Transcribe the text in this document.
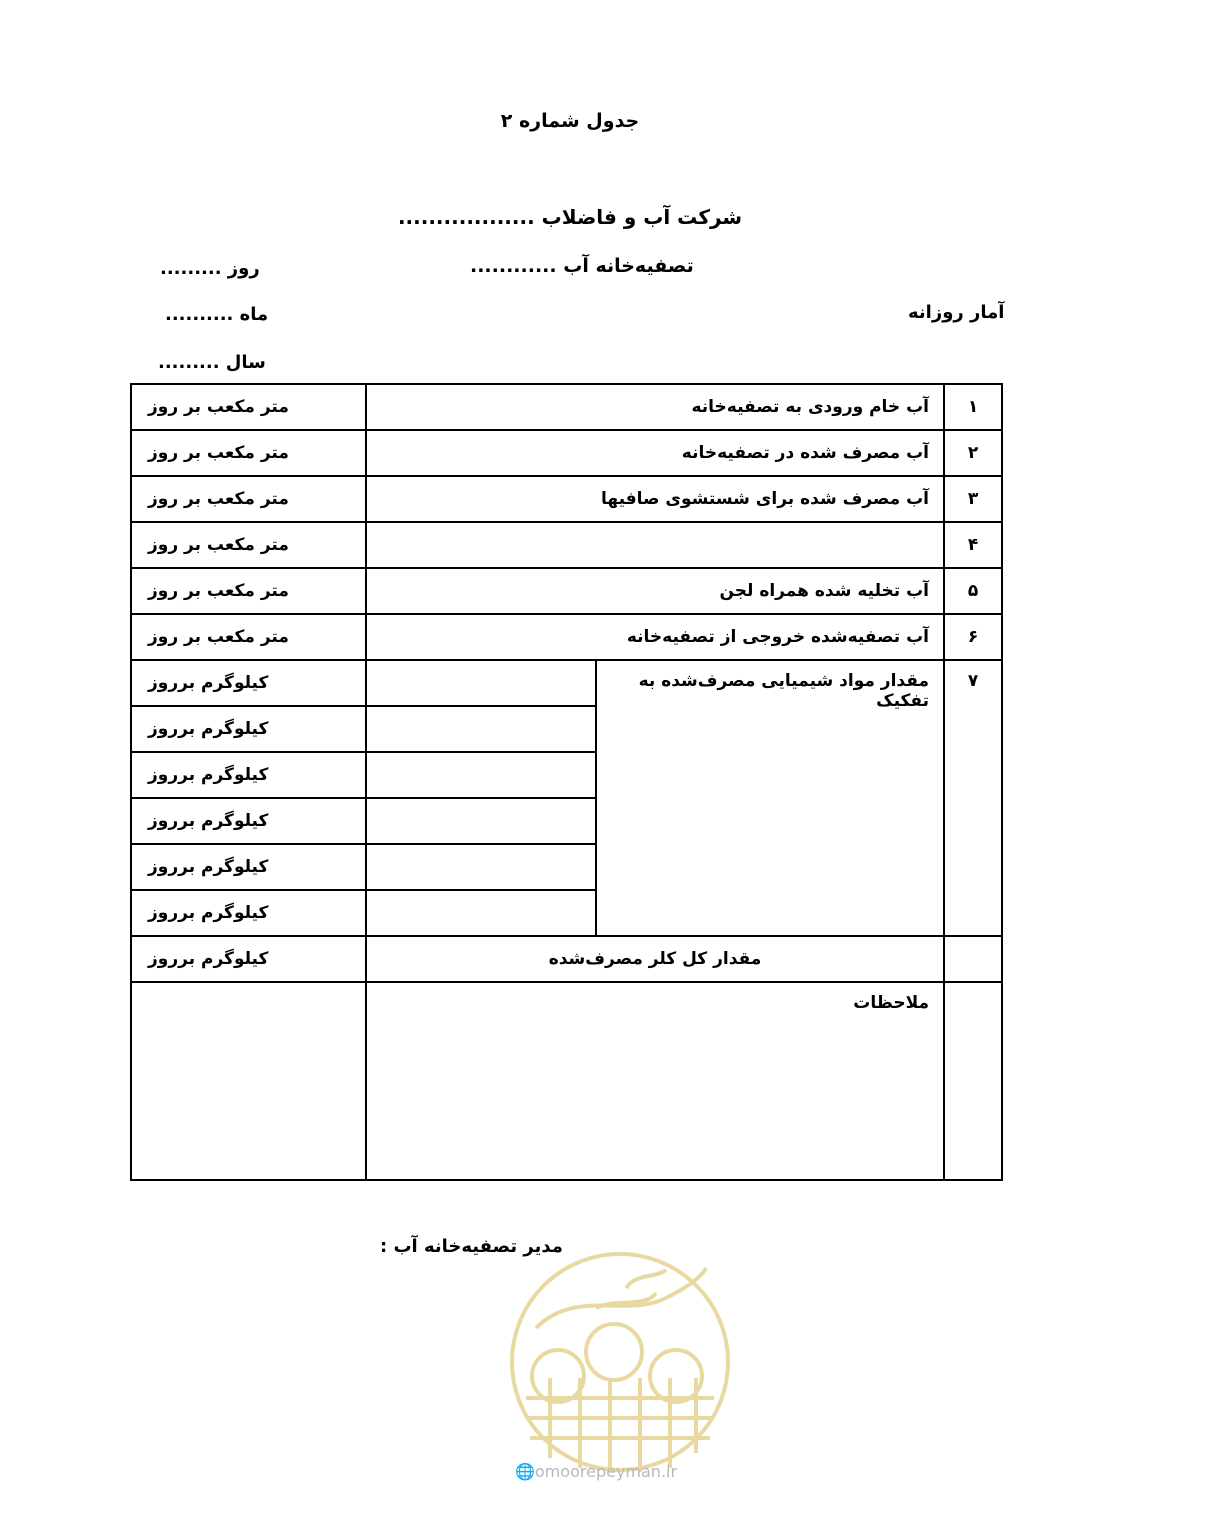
جدول شماره ۲
شرکت آب و فاضلاب ..................
تصفیه‌خانه آب ............
روز .........
ماه ..........
سال .........
آمار روزانه
۱	آب خام ورودی به تصفیه‌خانه		متر مکعب بر روز
۲	آب مصرف شده در تصفیه‌خانه		متر مکعب بر روز
۳	آب مصرف شده برای شستشوی صافیها		متر مکعب بر روز
۴			متر مکعب بر روز
۵	آب تخلیه شده همراه لجن		متر مکعب بر روز
۶	آب تصفیه‌شده خروجی از تصفیه‌خانه		متر مکعب بر روز
۷	مقدار مواد شیمیایی مصرف‌شده به تفکیک		کیلوگرم برروز
			کیلوگرم برروز
			کیلوگرم برروز
			کیلوگرم برروز
			کیلوگرم برروز
			کیلوگرم برروز
	مقدار کل کلر مصرف‌شده		کیلوگرم برروز
	ملاحظات		
مدیر تصفیه‌خانه آب :
🌐omoorepeyman.ir
